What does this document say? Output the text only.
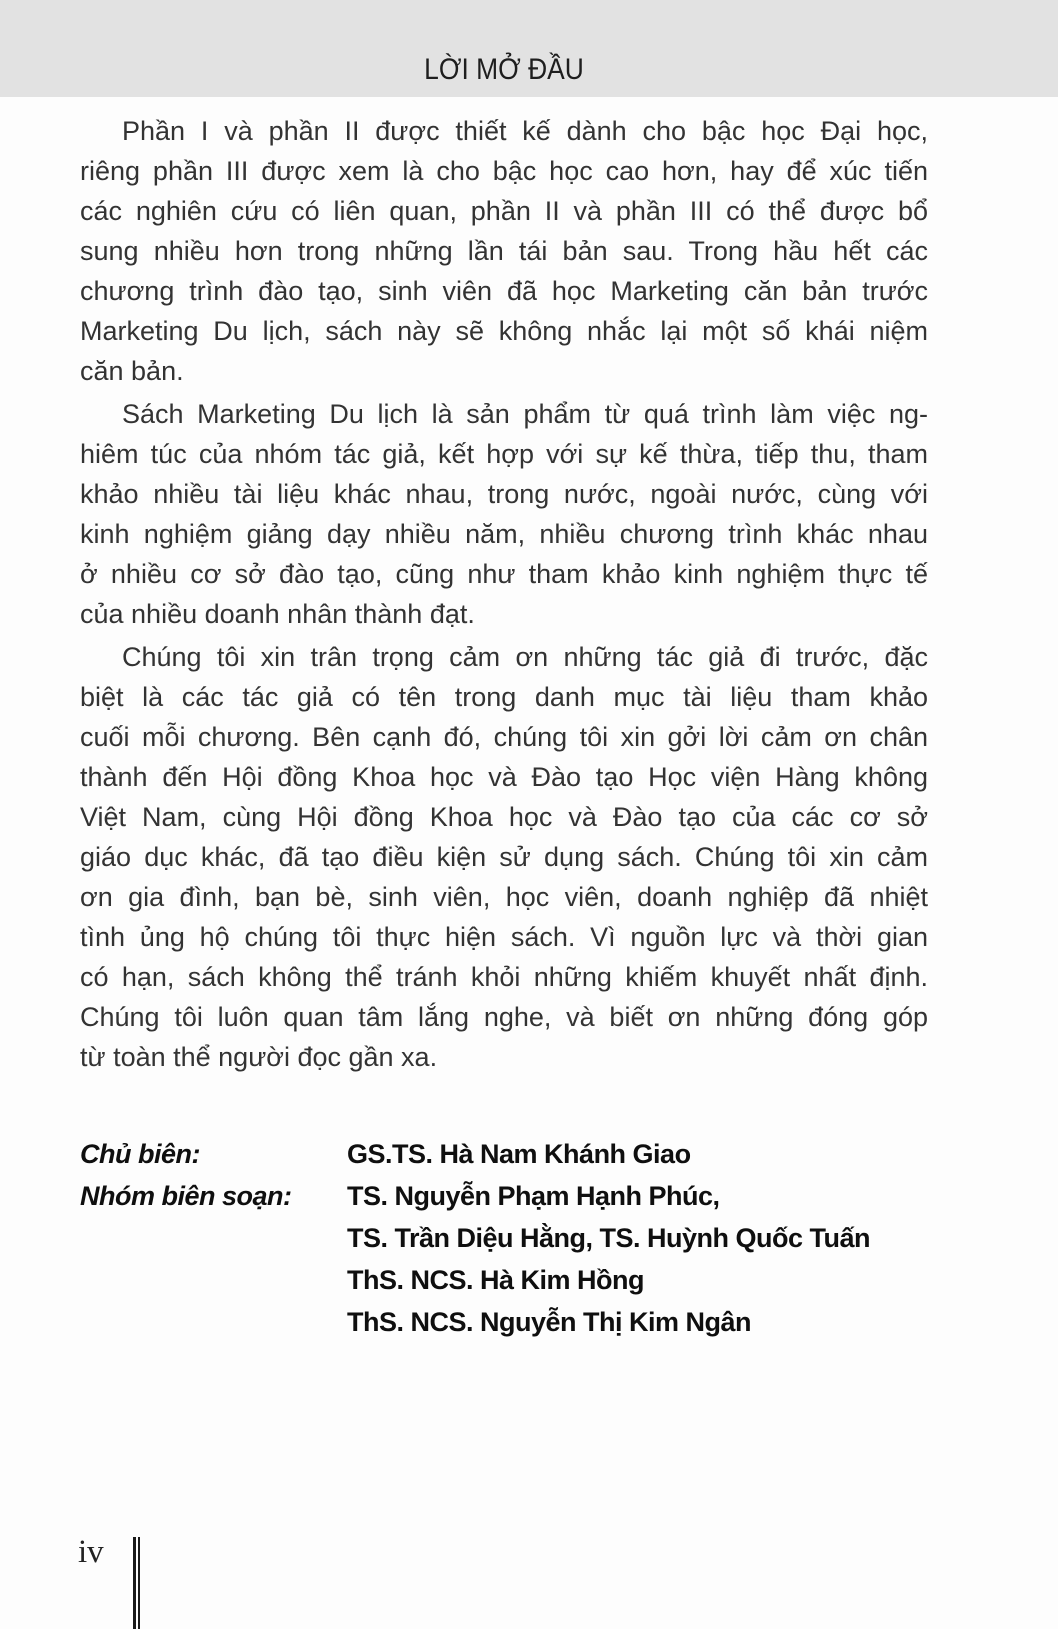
LỜI MỞ ĐẦU
Phần I và phần II được thiết kế dành cho bậc học Đại học,
riêng phần III được xem là cho bậc học cao hơn, hay để xúc tiến
các nghiên cứu có liên quan, phần II và phần III có thể được bổ
sung nhiều hơn trong những lần tái bản sau. Trong hầu hết các
chương trình đào tạo, sinh viên đã học Marketing căn bản trước
Marketing Du lịch, sách này sẽ không nhắc lại một số khái niệm
căn bản.
Sách Marketing Du lịch là sản phẩm từ quá trình làm việc ng-
hiêm túc của nhóm tác giả, kết hợp với sự kế thừa, tiếp thu, tham
khảo nhiều tài liệu khác nhau, trong nước, ngoài nước, cùng với
kinh nghiệm giảng dạy nhiều năm, nhiều chương trình khác nhau
ở nhiều cơ sở đào tạo, cũng như tham khảo kinh nghiệm thực tế
của nhiều doanh nhân thành đạt.
Chúng tôi xin trân trọng cảm ơn những tác giả đi trước, đặc
biệt là các tác giả có tên trong danh mục tài liệu tham khảo
cuối mỗi chương. Bên cạnh đó, chúng tôi xin gởi lời cảm ơn chân
thành đến Hội đồng Khoa học và Đào tạo Học viện Hàng không
Việt Nam, cùng Hội đồng Khoa học và Đào tạo của các cơ sở
giáo dục khác, đã tạo điều kiện sử dụng sách. Chúng tôi xin cảm
ơn gia đình, bạn bè, sinh viên, học viên, doanh nghiệp đã nhiệt
tình ủng hộ chúng tôi thực hiện sách. Vì nguồn lực và thời gian
có hạn, sách không thể tránh khỏi những khiếm khuyết nhất định.
Chúng tôi luôn quan tâm lắng nghe, và biết ơn những đóng góp
từ toàn thể người đọc gần xa.
Chủ biên:	GS.TS. Hà Nam Khánh Giao
Nhóm biên soạn:	TS. Nguyễn Phạm Hạnh Phúc,
TS. Trần Diệu Hằng, TS. Huỳnh Quốc Tuấn
ThS. NCS. Hà Kim Hồng
ThS. NCS. Nguyễn Thị Kim Ngân
iv
